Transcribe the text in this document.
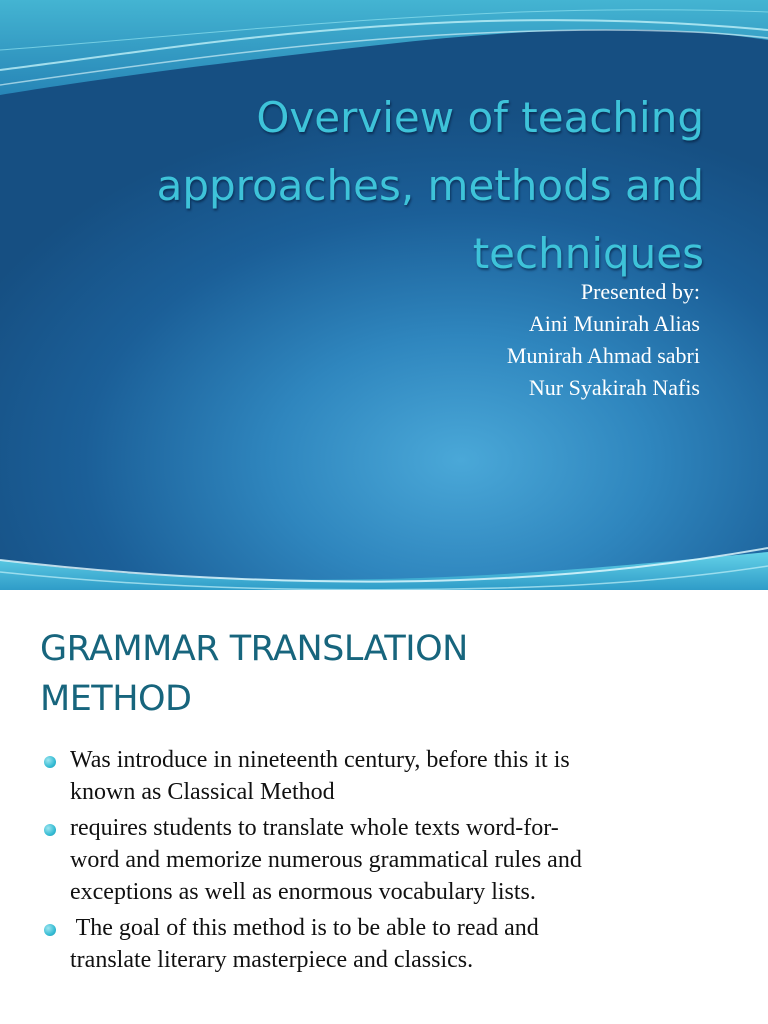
Overview of teaching
approaches, methods and
techniques
Presented by:
Aini Munirah Alias
Munirah Ahmad sabri
Nur Syakirah Nafis
GRAMMAR TRANSLATION
METHOD
Was introduce in nineteenth century, before this it is
known as Classical Method
requires students to translate whole texts word-for-
word and memorize numerous grammatical rules and
exceptions as well as enormous vocabulary lists.
The goal of this method is to be able to read and
translate literary masterpiece and classics.
